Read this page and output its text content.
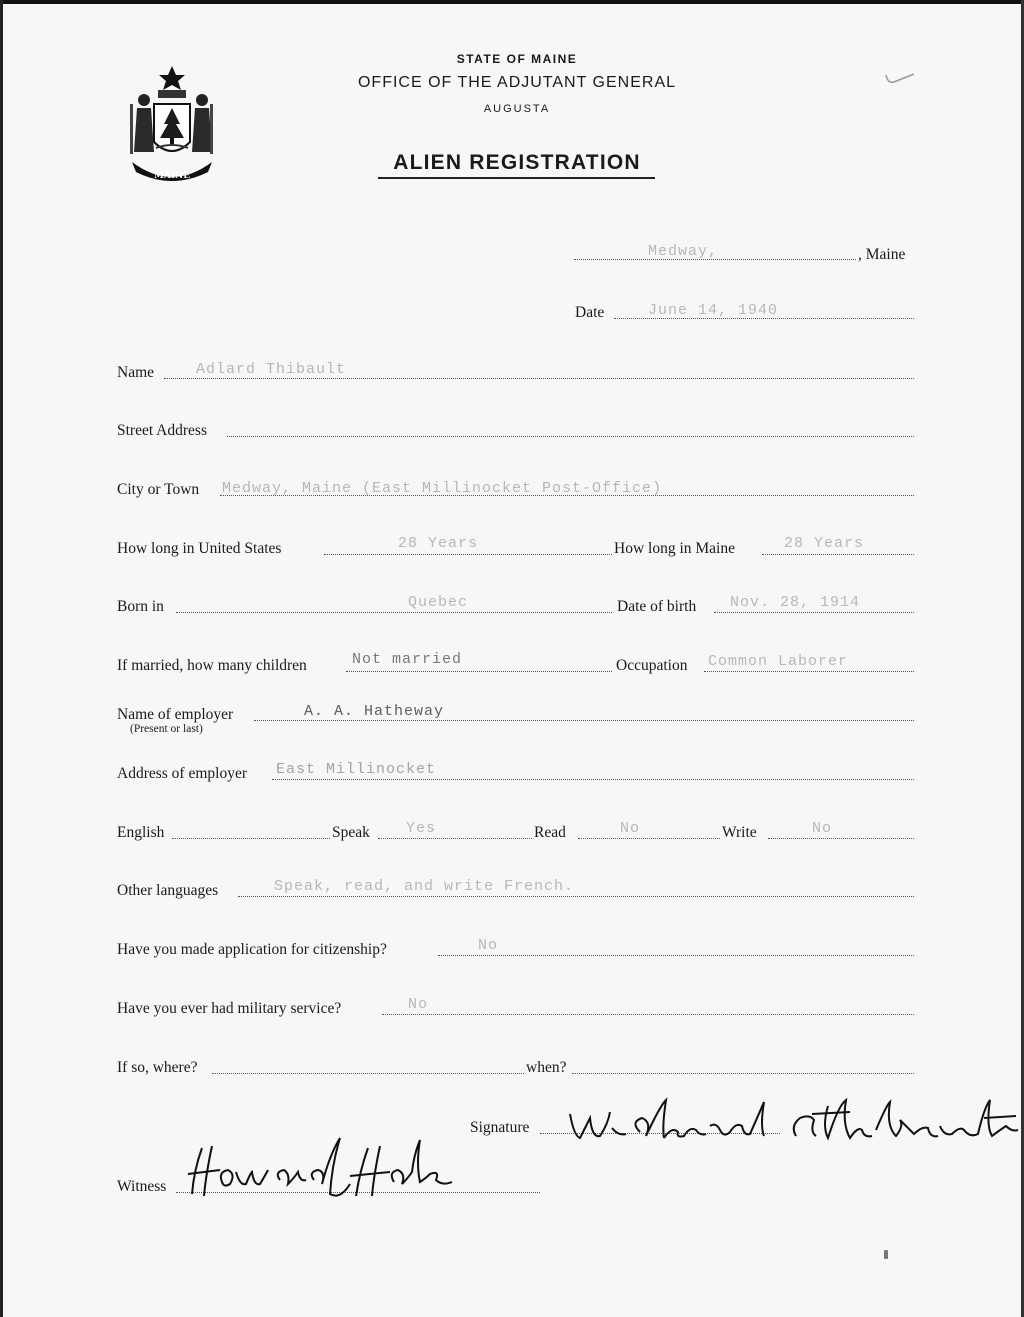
MAINE
STATE OF MAINE
OFFICE OF THE ADJUTANT GENERAL
AUGUSTA
ALIEN REGISTRATION
Medway,	, Maine
Date	June 14, 1940
Name	Adlard Thibault
Street Address
City or Town Medway, Maine (East Millinocket Post-Office)
How long in United States	28 Years	How long in Maine	28 Years
Born in	Quebec	Date of birth Nov. 28, 1914
If married, how many children	Not married	Occupation Common Laborer
Name of employer
(Present or last)
A. A. Hatheway
Address of employer East Millinocket
English	Speak Yes	Read	No	Write	No
Other languages	Speak, read, and write French.
Have you made application for citizenship?	No
Have you ever had military service?	No
If so, where?	when?
Signature
Witness
